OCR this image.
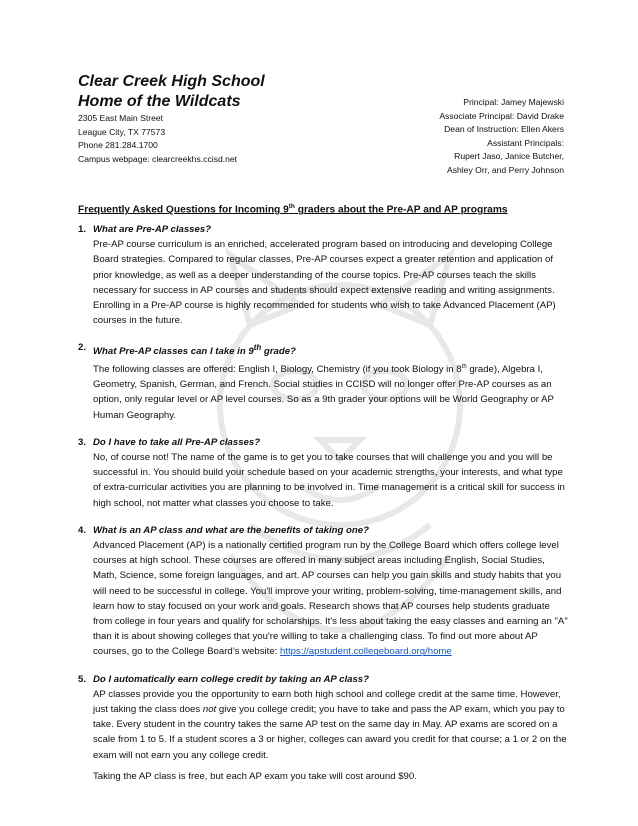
Clear Creek High School
Home of the Wildcats
2305 East Main Street
League City, TX 77573
Phone 281.284.1700
Campus webpage: clearcreekhs.ccisd.net
Principal: Jamey Majewski
Associate Principal: David Drake
Dean of Instruction: Ellen Akers
Assistant Principals:
Rupert Jaso, Janice Butcher,
Ashley Orr, and Perry Johnson
Frequently Asked Questions for Incoming 9th graders about the Pre-AP and AP programs
1. What are Pre-AP classes?
Pre-AP course curriculum is an enriched, accelerated program based on introducing and developing College Board strategies. Compared to regular classes, Pre-AP courses expect a greater retention and application of prior knowledge, as well as a deeper understanding of the course topics. Pre-AP courses teach the skills necessary for success in AP courses and students should expect extensive reading and writing assignments. Enrolling in a Pre-AP course is highly recommended for students who wish to take Advanced Placement (AP) courses in the future.
2. What Pre-AP classes can I take in 9th grade?
The following classes are offered: English I, Biology, Chemistry (if you took Biology in 8th grade), Algebra I, Geometry, Spanish, German, and French. Social studies in CCISD will no longer offer Pre-AP courses as an option, only regular level or AP level courses. So as a 9th grader your options will be World Geography or AP Human Geography.
3. Do I have to take all Pre-AP classes?
No, of course not! The name of the game is to get you to take courses that will challenge you and you will be successful in. You should build your schedule based on your academic strengths, your interests, and what type of extra-curricular activities you are planning to be involved in. Time management is a critical skill for success in high school, not matter what classes you choose to take.
4. What is an AP class and what are the benefits of taking one?
Advanced Placement (AP) is a nationally certified program run by the College Board which offers college level courses at high school. These courses are offered in many subject areas including English, Social Studies, Math, Science, some foreign languages, and art. AP courses can help you gain skills and study habits that you will need to be successful in college. You'll improve your writing, problem-solving, time-management skills, and learn how to stay focused on your work and goals. Research shows that AP courses help students graduate from college in four years and qualify for scholarships. It's less about taking the easy classes and earning an "A" than it is about showing colleges that you're willing to take a challenging class. To find out more about AP courses, go to the College Board’s website: https://apstudent.collegeboard.org/home
5. Do I automatically earn college credit by taking an AP class?
AP classes provide you the opportunity to earn both high school and college credit at the same time. However, just taking the class does not give you college credit; you have to take and pass the AP exam, which you pay to take. Every student in the country takes the same AP test on the same day in May. AP exams are scored on a scale from 1 to 5. If a student scores a 3 or higher, colleges can award you credit for that course; a 1 or 2 on the exam will not earn you any college credit.
Taking the AP class is free, but each AP exam you take will cost around $90.
